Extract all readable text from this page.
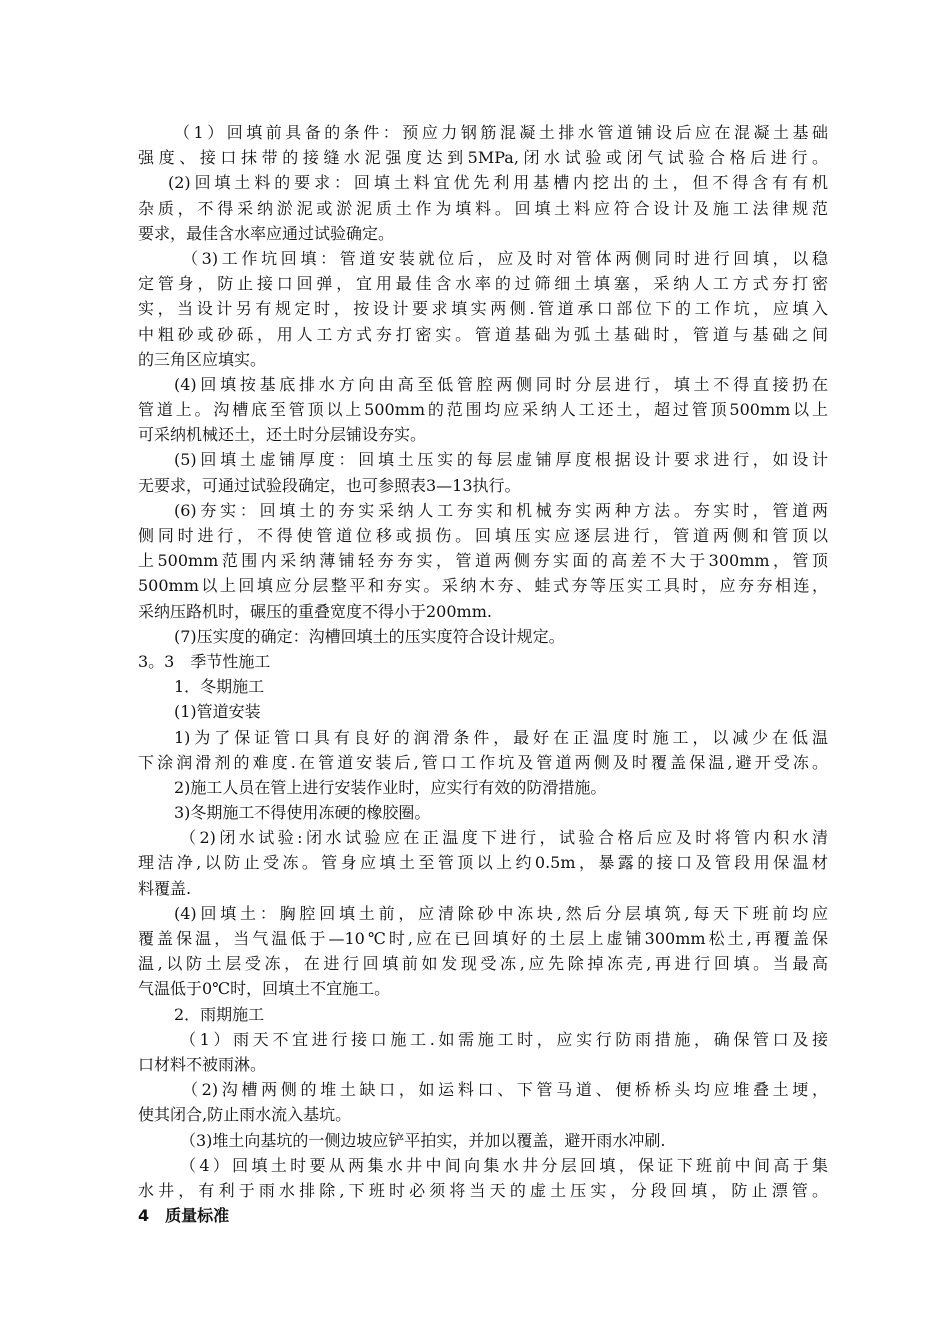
（1）回填前具备的条件：预应力钢筋混凝土排水管道铺设后应在混凝土基础
强度、接口抹带的接缝水泥强度达到5MPa,闭水试验或闭气试验合格后进行。
(2)回填土料的要求：回填土料宜优先利用基槽内挖出的土，但不得含有有机
杂质，不得采纳淤泥或淤泥质土作为填料。回填土料应符合设计及施工法律规范
要求，最佳含水率应通过试验确定。
（3)工作坑回填：管道安装就位后，应及时对管体两侧同时进行回填，以稳
定管身，防止接口回弹，宜用最佳含水率的过筛细土填塞，采纳人工方式夯打密
实，当设计另有规定时，按设计要求填实两侧.管道承口部位下的工作坑，应填入
中粗砂或砂砾，用人工方式夯打密实。管道基础为弧土基础时，管道与基础之间
的三角区应填实。
(4)回填按基底排水方向由高至低管腔两侧同时分层进行，填土不得直接扔在
管道上。沟槽底至管顶以上500mm的范围均应采纳人工还土，超过管顶500mm以上
可采纳机械还土，还土时分层铺设夯实。
(5)回填土虚铺厚度：回填土压实的每层虚铺厚度根据设计要求进行，如设计
无要求，可通过试验段确定，也可参照表3—13执行。
(6)夯实：回填土的夯实采纳人工夯实和机械夯实两种方法。夯实时，管道两
侧同时进行，不得使管道位移或损伤。回填压实应逐层进行，管道两侧和管顶以
上500mm范围内采纳薄铺轻夯夯实，管道两侧夯实面的高差不大于300mm，管顶
500mm以上回填应分层整平和夯实。采纳木夯、蛙式夯等压实工具时，应夯夯相连，
采纳压路机时，碾压的重叠宽度不得小于200mm.
(7)压实度的确定：沟槽回填土的压实度符合设计规定。
3。3　季节性施工
1．冬期施工
(1)管道安装
1)为了保证管口具有良好的润滑条件，最好在正温度时施工，以减少在低温
下涂润滑剂的难度.在管道安装后,管口工作坑及管道两侧及时覆盖保温,避开受冻。
2)施工人员在管上进行安装作业时，应实行有效的防滑措施。
3)冬期施工不得使用冻硬的橡胶圈。
（2)闭水试验:闭水试验应在正温度下进行，试验合格后应及时将管内积水清
理洁净,以防止受冻。管身应填土至管顶以上约0.5m，暴露的接口及管段用保温材
料覆盖.
(4)回填土：胸腔回填土前，应清除砂中冻块,然后分层填筑,每天下班前均应
覆盖保温，当气温低于—10℃时,应在已回填好的土层上虚铺300mm松土,再覆盖保
温,以防土层受冻，在进行回填前如发现受冻,应先除掉冻壳,再进行回填。当最高
气温低于0℃时，回填土不宜施工。
2．雨期施工
（1）雨天不宜进行接口施工.如需施工时，应实行防雨措施，确保管口及接
口材料不被雨淋。
（2)沟槽两侧的堆土缺口，如运料口、下管马道、便桥桥头均应堆叠土埂，
使其闭合,防止雨水流入基坑。
（3)堆土向基坑的一侧边坡应铲平拍实，并加以覆盖，避开雨水冲刷.
（4）回填土时要从两集水井中间向集水井分层回填，保证下班前中间高于集
水井，有利于雨水排除,下班时必须将当天的虚土压实，分段回填，防止漂管。
4　质量标准
